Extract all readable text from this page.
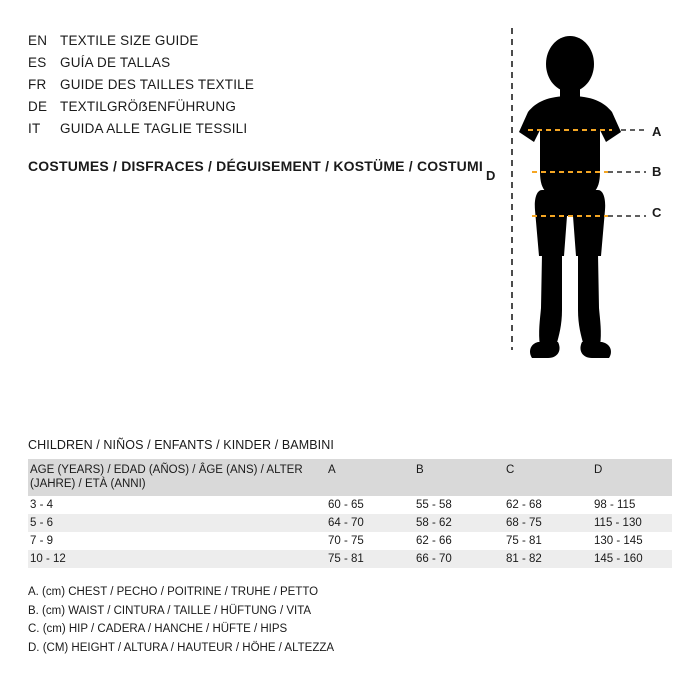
EN TEXTILE SIZE GUIDE
ES	GUÍA DE TALLAS
FR	GUIDE DES TAILLES TEXTILE
DE TEXTILGRÖẞENFÜHRUNG
IT	GUIDA ALLE TAGLIE TESSILI
COSTUMES / DISFRACES / DÉGUISEMENT / KOSTÜME / COSTUMI
D
A
B
C
CHILDREN / NIÑOS / ENFANTS / KINDER / BAMBINI
AGE (YEARS) / EDAD (AÑOS) / ÂGE (ANS) / ALTER (JAHRE) / ETÀ (ANNI)	A	B	C	D
3 - 4	60 - 65	55 - 58	62 - 68	98 - 115
5 - 6	64 - 70	58 - 62	68 - 75	115 - 130
7 - 9	70 - 75	62 - 66	75 - 81	130 - 145
10 - 12	75 - 81	66 - 70	81 - 82	145 - 160
A. (cm) CHEST / PECHO / POITRINE / TRUHE / PETTO
B. (cm) WAIST / CINTURA / TAILLE / HÜFTUNG / VITA
C. (cm) HIP / CADERA / HANCHE / HÜFTE / HIPS
D. (CM) HEIGHT / ALTURA / HAUTEUR / HÖHE / ALTEZZA
